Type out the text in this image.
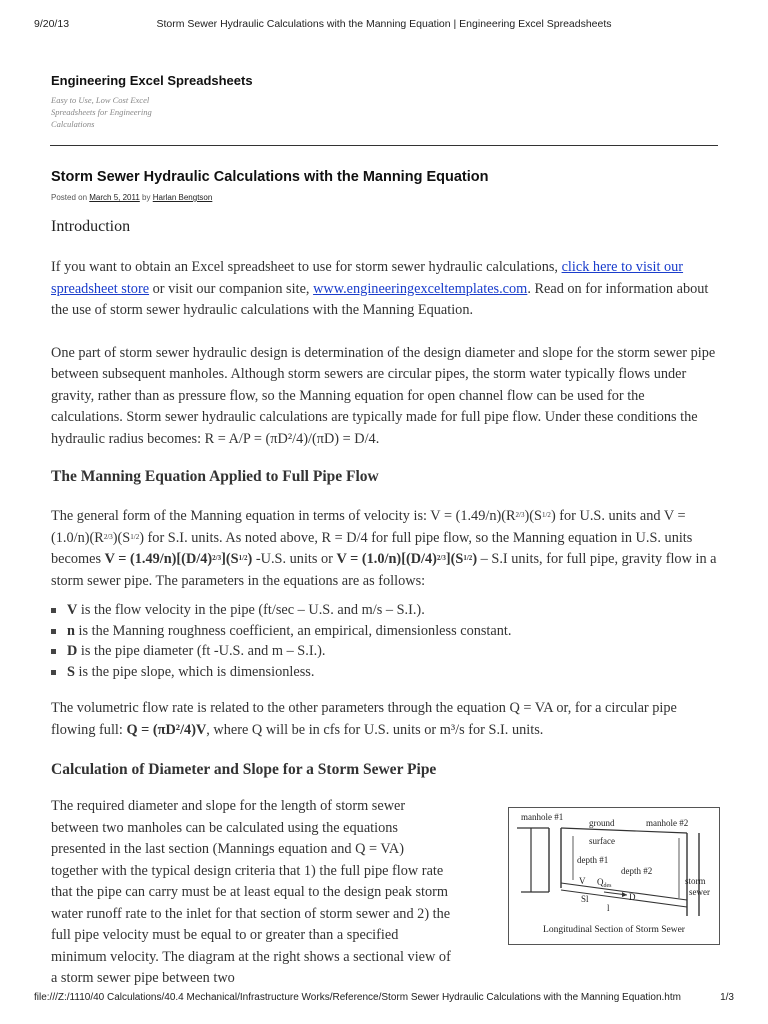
9/20/13	Storm Sewer Hydraulic Calculations with the Manning Equation | Engineering Excel Spreadsheets
Engineering Excel Spreadsheets
Easy to Use, Low Cost Excel Spreadsheets for Engineering Calculations
Storm Sewer Hydraulic Calculations with the Manning Equation
Posted on March 5, 2011 by Harlan Bengtson
Introduction

If you want to obtain an Excel spreadsheet to use for storm sewer hydraulic calculations, click here to visit our spreadsheet store or visit our companion site, www.engineeringexceltemplates.com. Read on for information about the use of storm sewer hydraulic calculations with the Manning Equation.

One part of storm sewer hydraulic design is determination of the design diameter and slope for the storm sewer pipe between subsequent manholes. Although storm sewers are circular pipes, the storm water typically flows under gravity, rather than as pressure flow, so the Manning equation for open channel flow can be used for the calculations. Storm sewer hydraulic calculations are typically made for full pipe flow. Under these conditions the hydraulic radius becomes: R = A/P = (πD²/4)/(πD) = D/4.

The Manning Equation Applied to Full Pipe Flow

The general form of the Manning equation in terms of velocity is: $V = (1.49/n)(R^{2/3})(S^{1/2})$ for U.S. units and $V = (1.0/n)(R^{2/3})(S^{1/2})$ for S.I. units. As noted above, R = D/4 for full pipe flow, so the Manning equation in U.S. units becomes $V = (1.49/n)[(D/4)^{2/3}](S^{1/2})$ -U.S. units or $V = (1.0/n)[(D/4)^{2/3}](S^{1/2}) - S.I$ units, for full pipe, gravity flow in a storm sewer pipe. The parameters in the equations are as follows:

V is the flow velocity in the pipe (ft/sec – U.S. and m/s – S.I.).
n is the Manning roughness coefficient, an empirical, dimensionless constant.
D is the pipe diameter (ft -U.S. and m – S.I.).
S is the pipe slope, which is dimensionless.

The volumetric flow rate is related to the other parameters through the equation Q = VA or, for a circular pipe flowing full: Q = (πD²/4)V, where Q will be in cfs for U.S. units or m³/s for S.I. units.

Calculation of Diameter and Slope for a Storm Sewer Pipe

The required diameter and slope for the length of storm sewer between two manholes can be calculated using the equations presented in the last section (Mannings equation and Q = VA) together with the typical design criteria that 1) the full pipe flow rate that the pipe can carry must be at least equal to the design peak storm water runoff rate to the inlet for that section of storm sewer and 2) the full pipe velocity must be equal to or greater than a specified minimum velocity. The diagram at the right shows a sectional view of a storm sewer pipe between two

manhole #1
ground	manhole #2
surface
depth #1
depth #2
V $Q_{des}$
D
Sl
l
storm
sewer
Longitudinal Section of Storm Sewer
file:///Z:/1110/40 Calculations/40.4 Mechanical/Infrastructure Works/Reference/Storm Sewer Hydraulic Calculations with the Manning Equation.htm	1/3
